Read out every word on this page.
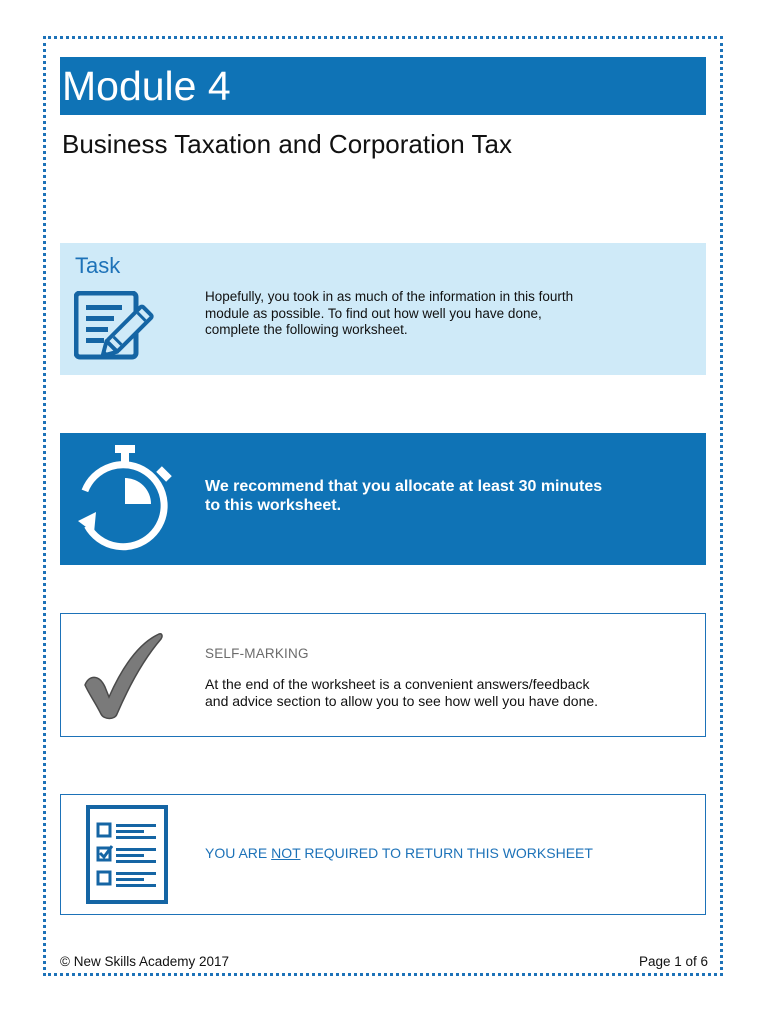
Module 4
Business Taxation and Corporation Tax
Task
Hopefully, you took in as much of the information in this fourth
module as possible. To find out how well you have done,
complete the following worksheet.
We recommend that you allocate at least 30 minutes
to this worksheet.
SELF-MARKING
At the end of the worksheet is a convenient answers/feedback
and advice section to allow you to see how well you have done.
YOU ARE NOT REQUIRED TO RETURN THIS WORKSHEET
© New Skills Academy 2017	Page 1 of 6
